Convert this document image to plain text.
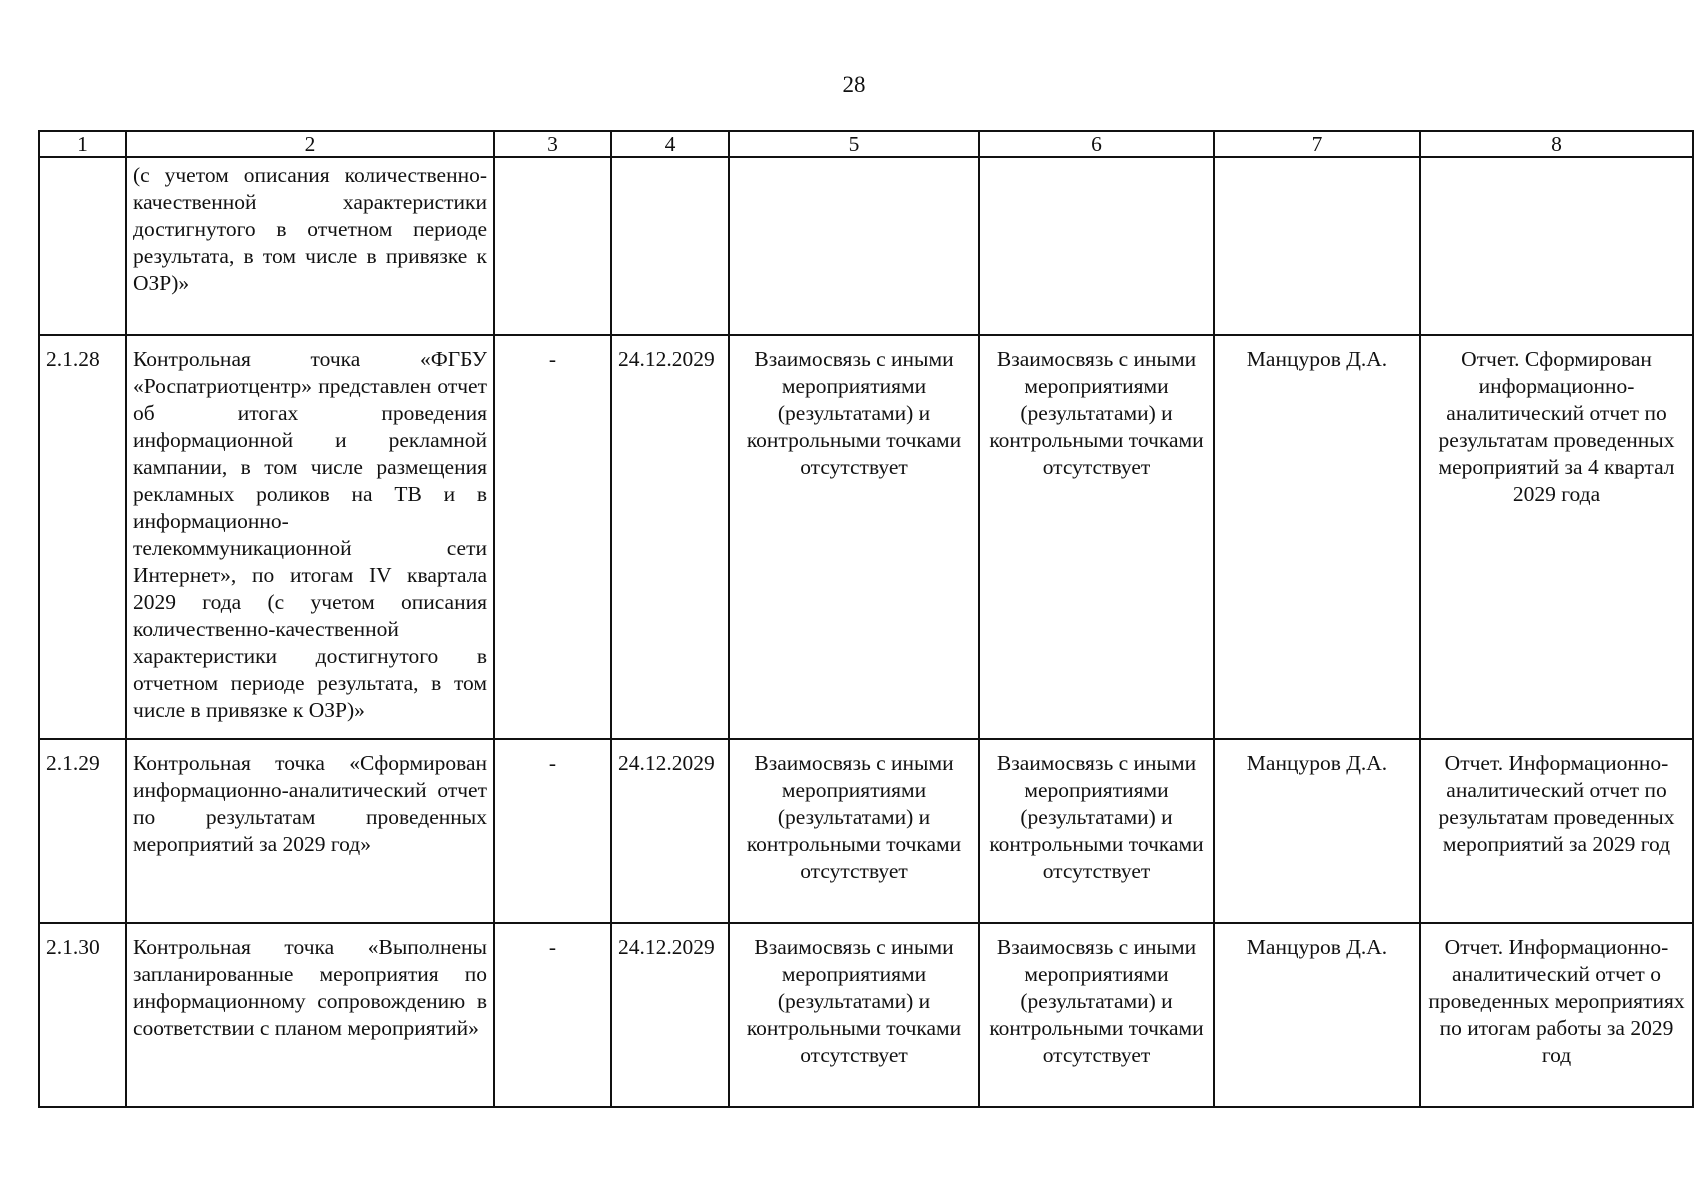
28
1	2	3	4	5	6	7	8
	(с учетом описания количественно-качественной характеристики достигнутого в отчетном периоде результата, в том числе в привязке к ОЗР)»						
2.1.28	Контрольная точка «ФГБУ «Роспатриотцентр» представлен отчет об итогах проведения информационной и рекламной кампании, в том числе размещения рекламных роликов на ТВ и в информационно-телекоммуникационной сети Интернет», по итогам IV квартала 2029 года (с учетом описания количественно-качественной характеристики достигнутого в отчетном периоде результата, в том числе в привязке к ОЗР)»	-	24.12.2029	Взаимосвязь с иными мероприятиями (результатами) и контрольными точками отсутствует	Взаимосвязь с иными мероприятиями (результатами) и контрольными точками отсутствует	Манцуров Д.А.	Отчет. Сформирован информационно-аналитический отчет по результатам проведенных мероприятий за 4 квартал 2029 года
2.1.29	Контрольная точка «Сформирован информационно-аналитический отчет по результатам проведенных мероприятий за 2029 год»	-	24.12.2029	Взаимосвязь с иными мероприятиями (результатами) и контрольными точками отсутствует	Взаимосвязь с иными мероприятиями (результатами) и контрольными точками отсутствует	Манцуров Д.А.	Отчет. Информационно-аналитический отчет по результатам проведенных мероприятий за 2029 год
2.1.30	Контрольная точка «Выполнены запланированные мероприятия по информационному сопровождению в соответствии с планом мероприятий»	-	24.12.2029	Взаимосвязь с иными мероприятиями (результатами) и контрольными точками отсутствует	Взаимосвязь с иными мероприятиями (результатами) и контрольными точками отсутствует	Манцуров Д.А.	Отчет. Информационно-аналитический отчет о проведенных мероприятиях по итогам работы за 2029 год
